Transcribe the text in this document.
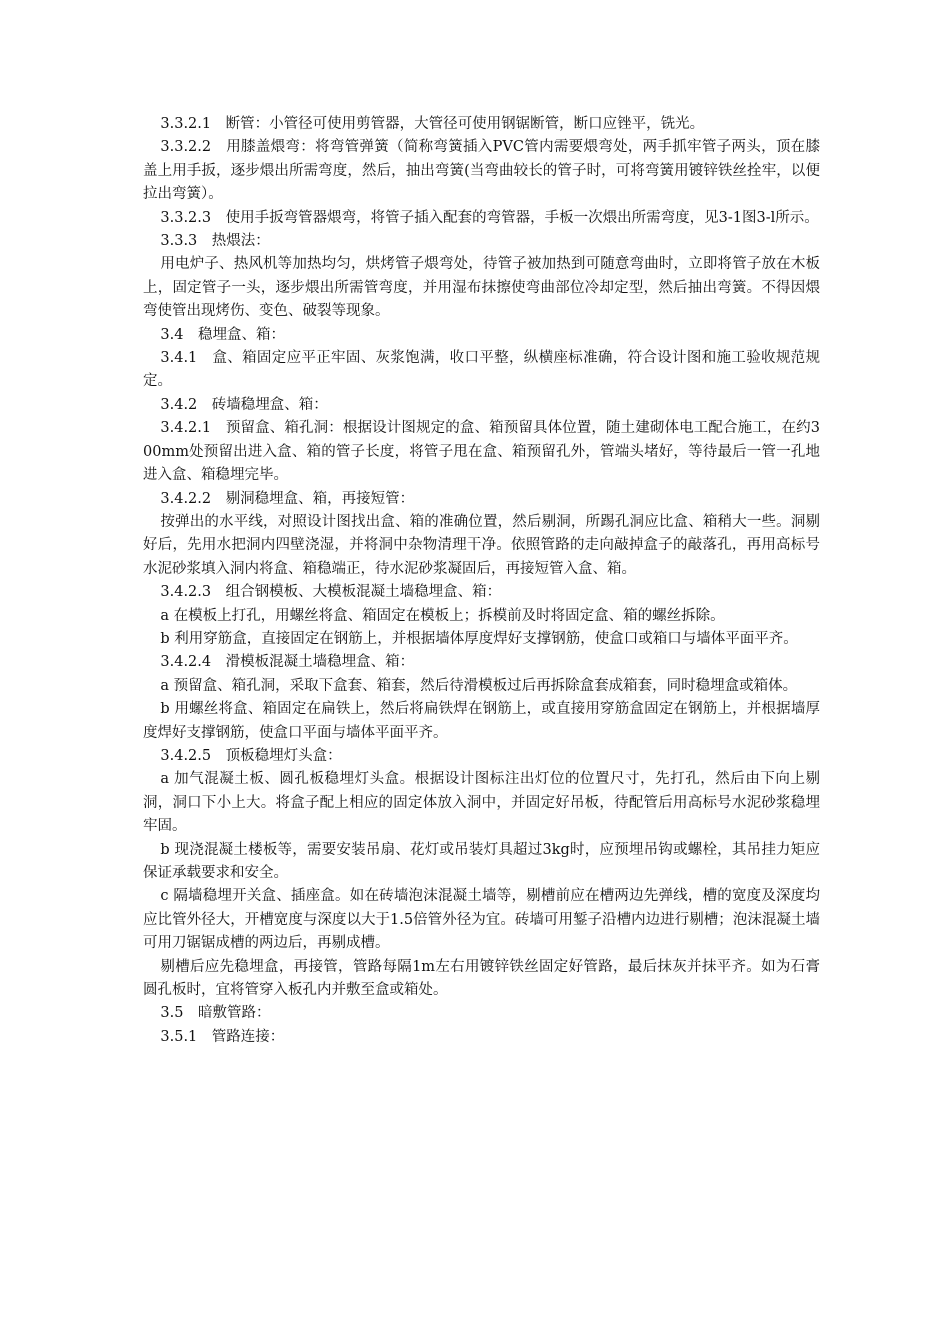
3.3.2.1　断管：小管径可使用剪管器，大管径可使用钢锯断管，断口应锉平，铣光。

3.3.2.2　用膝盖煨弯：将弯管弹簧（简称弯簧插入PVC管内需要煨弯处，两手抓牢管子两头，顶在膝盖上用手扳，逐步煨出所需弯度，然后，抽出弯簧(当弯曲较长的管子时，可将弯簧用镀锌铁丝拴牢，以便拉出弯簧）。

3.3.2.3　使用手扳弯管器煨弯，将管子插入配套的弯管器，手板一次煨出所需弯度，见3-1图3-l所示。

3.3.3　热煨法：

用电炉子、热风机等加热均匀，烘烤管子煨弯处，待管子被加热到可随意弯曲时，立即将管子放在木板上，固定管子一头，逐步煨出所需管弯度，并用湿布抹擦使弯曲部位冷却定型，然后抽出弯簧。不得因煨弯使管出现烤伤、变色、破裂等现象。

3.4　稳埋盒、箱：

3.4.1　盒、箱固定应平正牢固、灰浆饱满，收口平整，纵横座标准确，符合设计图和施工验收规范规定。

3.4.2　砖墙稳埋盒、箱：

3.4.2.1　预留盒、箱孔洞：根据设计图规定的盒、箱预留具体位置，随土建砌体电工配合施工，在约300mm处预留出进入盒、箱的管子长度，将管子甩在盒、箱预留孔外，管端头堵好，等待最后一管一孔地进入盒、箱稳埋完毕。

3.4.2.2　剔洞稳埋盒、箱，再接短管：

按弹出的水平线，对照设计图找出盒、箱的准确位置，然后剔洞，所踢孔洞应比盒、箱稍大一些。洞剔好后，先用水把洞内四壁浇湿，并将洞中杂物清理干净。依照管路的走向敲掉盒子的敲落孔，再用高标号水泥砂浆填入洞内将盒、箱稳端正，待水泥砂浆凝固后，再接短管入盒、箱。

3.4.2.3　组合钢模板、大模板混凝土墙稳埋盒、箱：

a 在模板上打孔，用螺丝将盒、箱固定在模板上；拆模前及时将固定盒、箱的螺丝拆除。

b 利用穿筋盒，直接固定在钢筋上，并根据墙体厚度焊好支撑钢筋，使盒口或箱口与墙体平面平齐。

3.4.2.4　滑模板混凝土墙稳埋盒、箱：

a 预留盒、箱孔洞，采取下盒套、箱套，然后待滑模板过后再拆除盒套成箱套，同时稳埋盒或箱体。

b 用螺丝将盒、箱固定在扁铁上，然后将扁铁焊在钢筋上，或直接用穿筋盒固定在钢筋上，并根据墙厚度焊好支撑钢筋，使盒口平面与墙体平面平齐。

3.4.2.5　顶板稳埋灯头盒：

a 加气混凝土板、圆孔板稳埋灯头盒。根据设计图标注出灯位的位置尺寸，先打孔，然后由下向上剔洞，洞口下小上大。将盒子配上相应的固定体放入洞中，并固定好吊板，待配管后用高标号水泥砂浆稳埋牢固。

b 现浇混凝土楼板等，需要安装吊扇、花灯或吊装灯具超过3kg时，应预埋吊钩或螺栓，其吊挂力矩应保证承载要求和安全。

c 隔墙稳埋开关盒、插座盒。如在砖墙泡沫混凝土墙等，剔槽前应在槽两边先弹线，槽的宽度及深度均应比管外径大，开槽宽度与深度以大于1.5倍管外径为宜。砖墙可用錾子沿槽内边进行剔槽；泡沫混凝土墙可用刀锯锯成槽的两边后，再剔成槽。

剔槽后应先稳埋盒，再接管，管路每隔1m左右用镀锌铁丝固定好管路，最后抹灰并抹平齐。如为石膏圆孔板时，宜将管穿入板孔内并敷至盒或箱处。

3.5　暗敷管路：

3.5.1　管路连接：
